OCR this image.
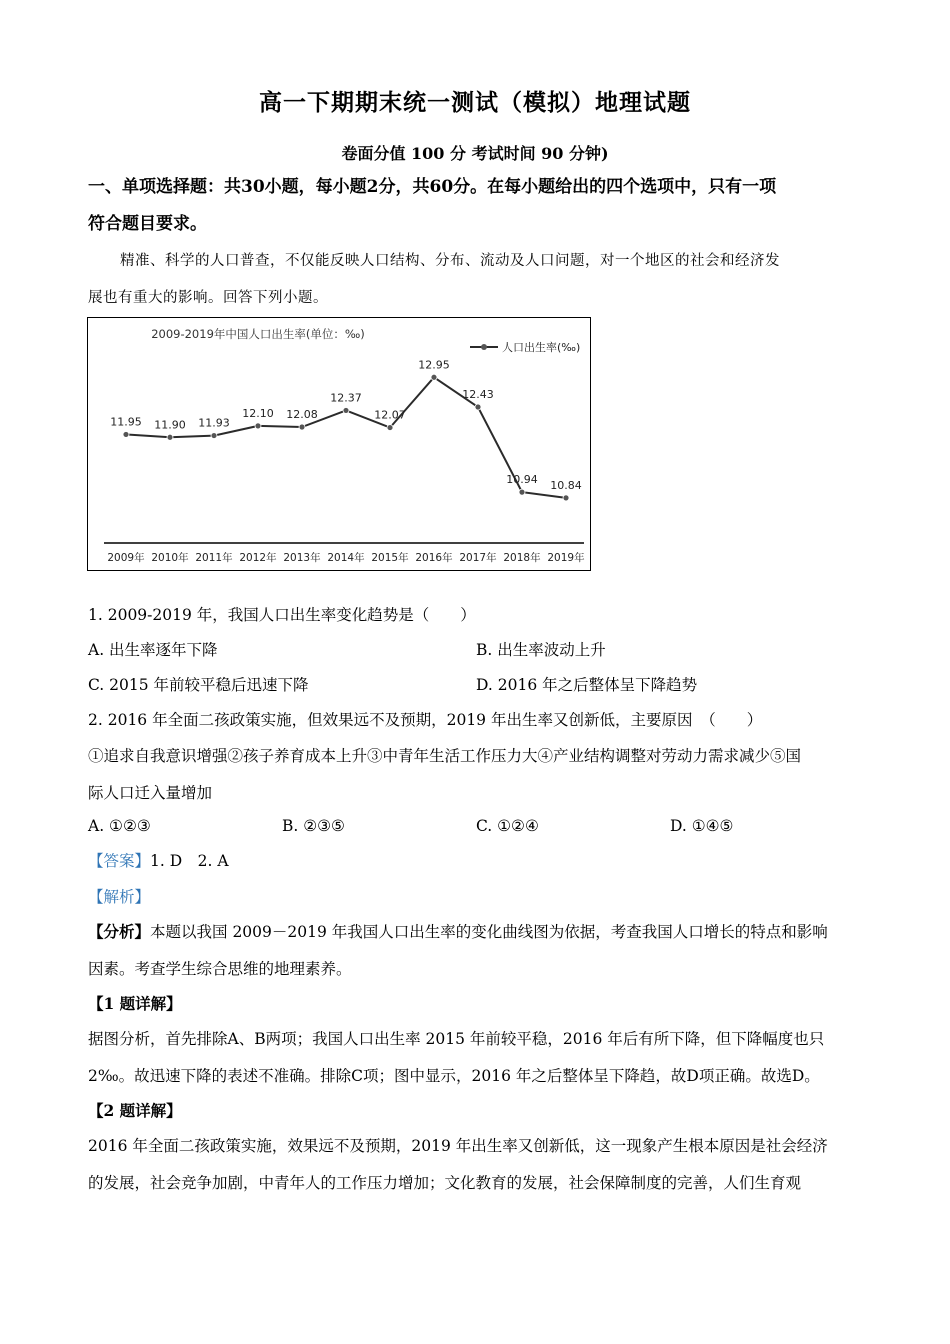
高一下期期末统一测试（模拟）地理试题
卷面分值 100 分 考试时间 90 分钟)
一、单项选择题：共30小题，每小题2分，共60分。在每小题给出的四个选项中，只有一项
符合题目要求。
精准、科学的人口普查，不仅能反映人口结构、分布、流动及人口问题，对一个地区的社会和经济发
展也有重大的影响。回答下列小题。
2009-2019年中国人口出生率(单位：‰)
人口出生率(‰)
11.95
2009年
11.90
2010年
11.93
2011年
12.10
2012年
12.08
2013年
12.37
2014年
12.07
2015年
12.95
2016年
12.43
2017年
10.94
2018年
10.84
2019年
1. 2009-2019 年，我国人口出生率变化趋势是（　　）
A. 出生率逐年下降	B. 出生率波动上升
C. 2015 年前较平稳后迅速下降	D. 2016 年之后整体呈下降趋势
2. 2016 年全面二孩政策实施，但效果远不及预期，2019 年出生率又创新低，主要原因　（　　）
①追求自我意识增强②孩子养育成本上升③中青年生活工作压力大④产业结构调整对劳动力需求减少⑤国
际人口迁入量增加
A. ①②③	B. ②③⑤	C. ①②④	D. ①④⑤
【答案】1. D　2. A
【解析】
【分析】本题以我国 2009－2019 年我国人口出生率的变化曲线图为依据，考查我国人口增长的特点和影响
因素。考查学生综合思维的地理素养。
【1 题详解】
据图分析，首先排除A、B两项；我国人口出生率 2015 年前较平稳，2016 年后有所下降，但下降幅度也只
2‰。故迅速下降的表述不准确。排除C项；图中显示，2016 年之后整体呈下降趋，故D项正确。故选D。
【2 题详解】
2016 年全面二孩政策实施，效果远不及预期，2019 年出生率又创新低，这一现象产生根本原因是社会经济
的发展，社会竞争加剧，中青年人的工作压力增加；文化教育的发展，社会保障制度的完善，人们生育观
